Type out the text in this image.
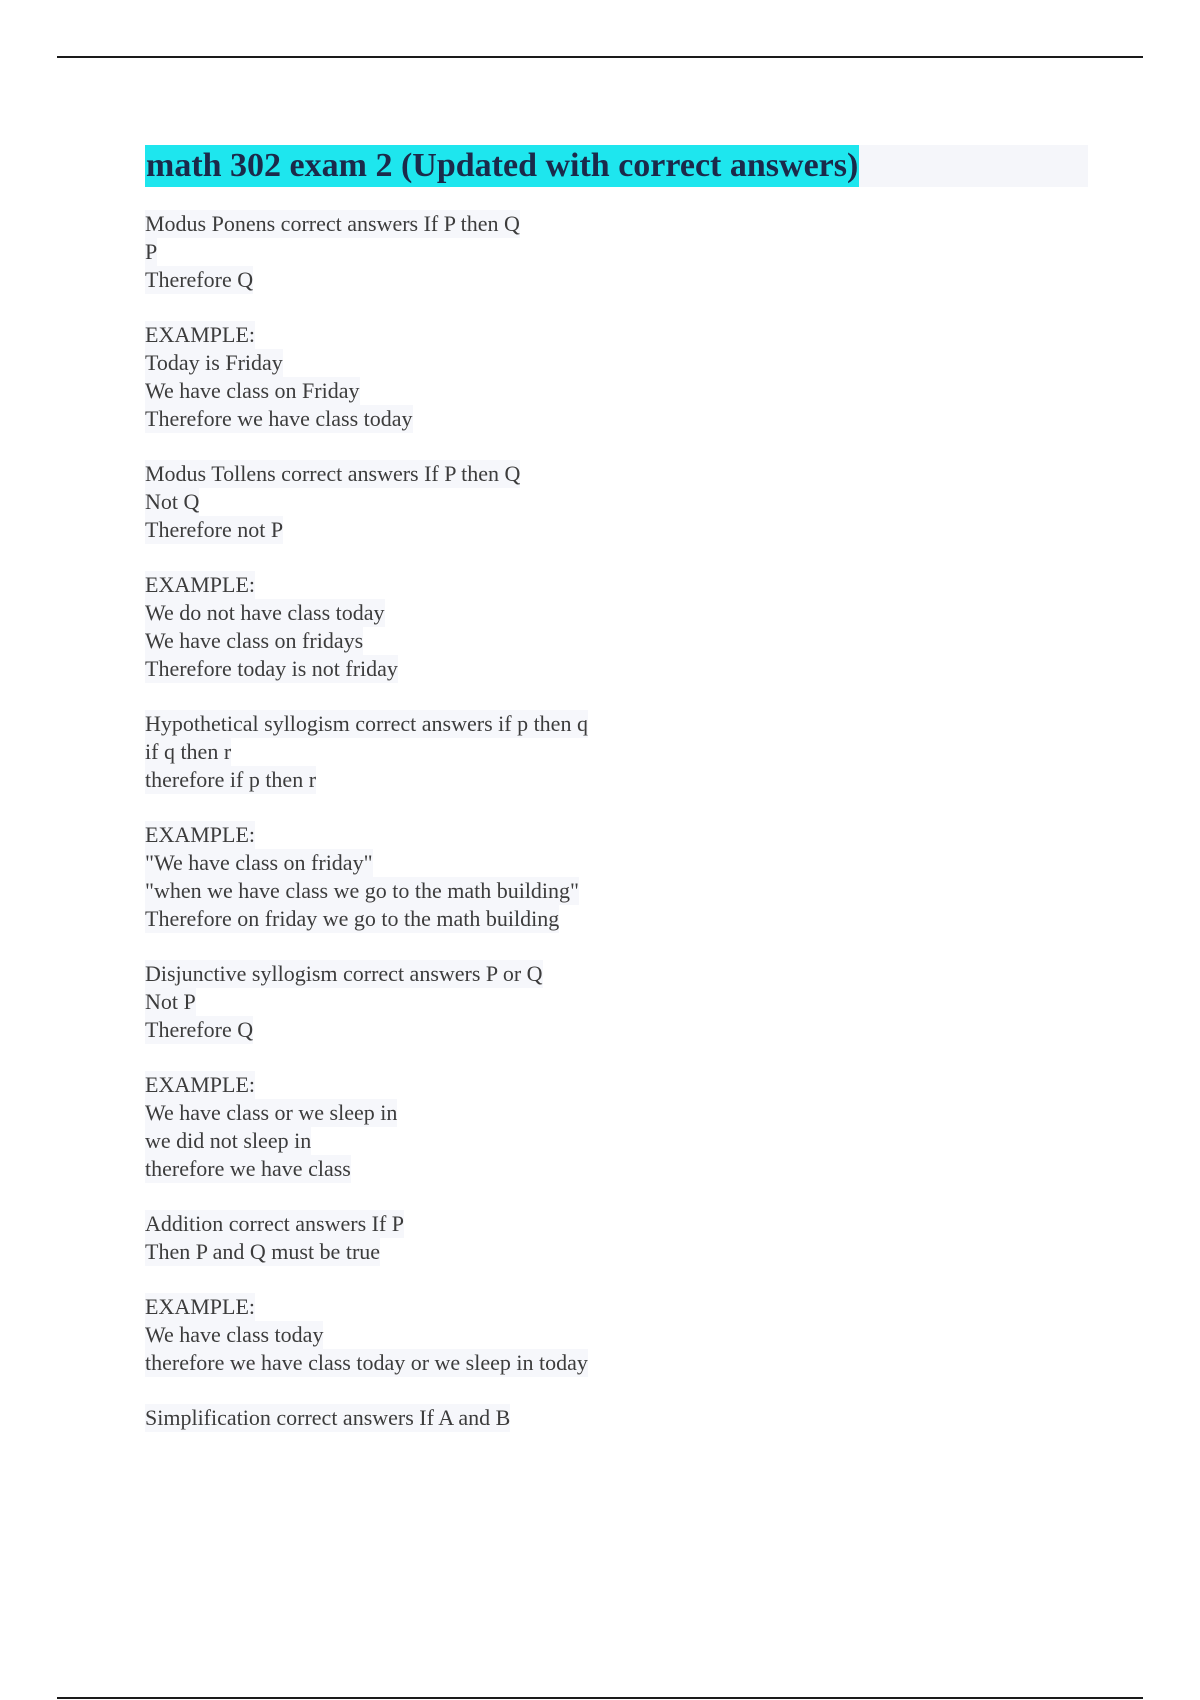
math 302 exam 2 (Updated with correct answers)
Modus Ponens correct answers If P then Q
P
Therefore Q
EXAMPLE:
Today is Friday
We have class on Friday
Therefore we have class today
Modus Tollens correct answers If P then Q
Not Q
Therefore not P
EXAMPLE:
We do not have class today
We have class on fridays
Therefore today is not friday
Hypothetical syllogism correct answers if p then q
if q then r
therefore if p then r
EXAMPLE:
"We have class on friday"
"when we have class we go to the math building"
Therefore on friday we go to the math building
Disjunctive syllogism correct answers P or Q
Not P
Therefore Q
EXAMPLE:
We have class or we sleep in
we did not sleep in
therefore we have class
Addition correct answers If P
Then P and Q must be true
EXAMPLE:
We have class today
therefore we have class today or we sleep in today
Simplification correct answers If A and B
